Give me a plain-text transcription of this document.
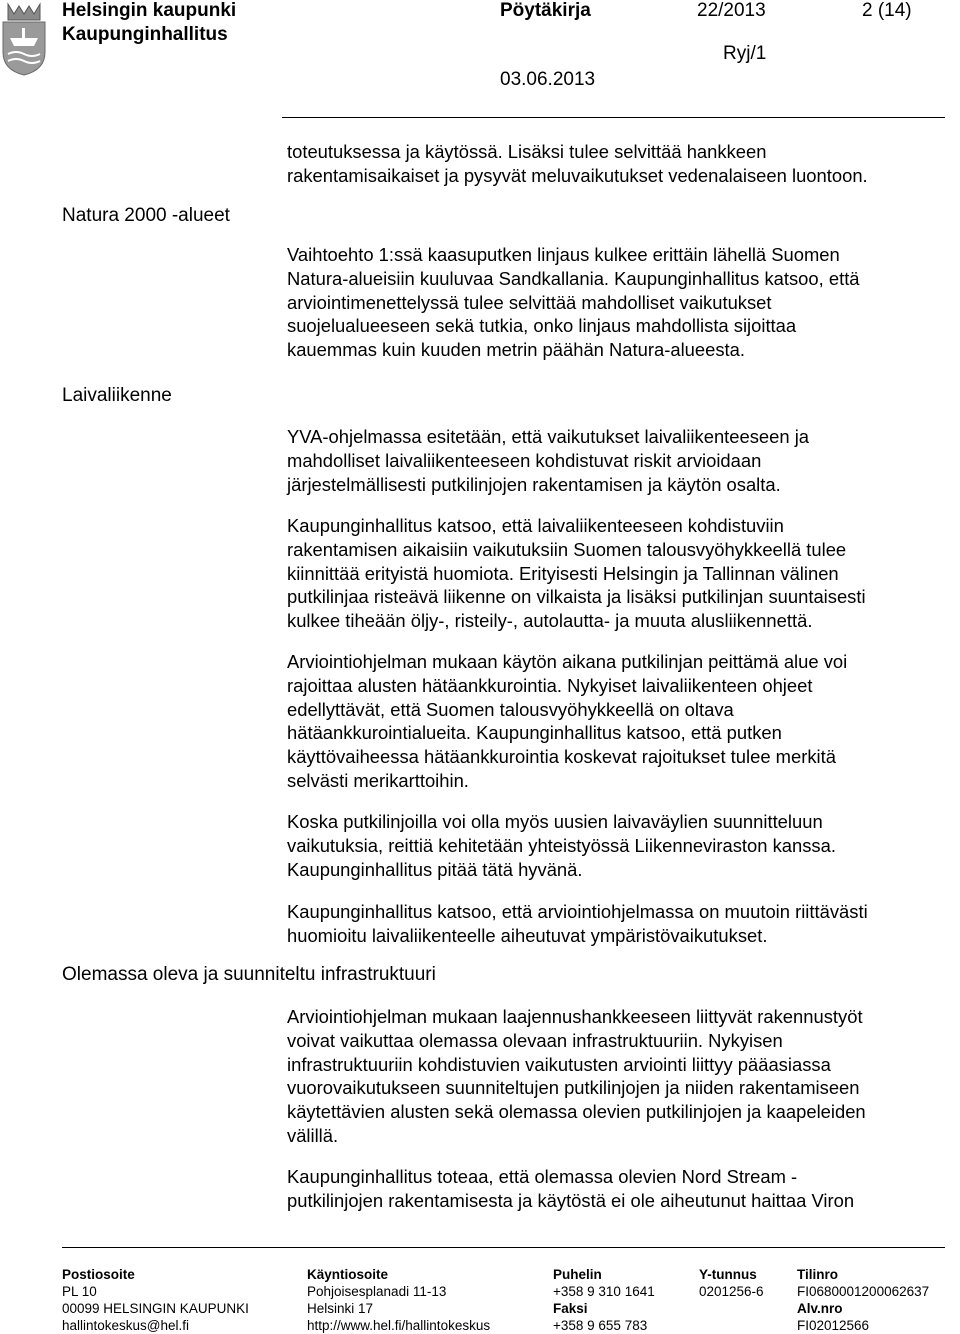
Helsingin kaupunki
Kaupunginhallitus
Pöytäkirja	22/2013	2 (14)
Ryj/1
03.06.2013
Natura 2000 -alueet
Laivaliikenne
Olemassa oleva ja suunniteltu infrastruktuuri
toteutuksessa ja käytössä. Lisäksi tulee selvittää hankkeen
rakentamisaikaiset ja pysyvät meluvaikutukset vedenalaiseen luontoon.
Vaihtoehto 1:ssä kaasuputken linjaus kulkee erittäin lähellä Suomen
Natura-alueisiin kuuluvaa Sandkallania. Kaupunginhallitus katsoo, että
arviointimenettelyssä tulee selvittää mahdolliset vaikutukset
suojelualueeseen sekä tutkia, onko linjaus mahdollista sijoittaa
kauemmas kuin kuuden metrin päähän Natura-alueesta.
YVA-ohjelmassa esitetään, että vaikutukset laivaliikenteeseen ja
mahdolliset laivaliikenteeseen kohdistuvat riskit arvioidaan
järjestelmällisesti putkilinjojen rakentamisen ja käytön osalta.
Kaupunginhallitus katsoo, että laivaliikenteeseen kohdistuviin
rakentamisen aikaisiin vaikutuksiin Suomen talousvyöhykkeellä tulee
kiinnittää erityistä huomiota. Erityisesti Helsingin ja Tallinnan välinen
putkilinjaa risteävä liikenne on vilkaista ja lisäksi putkilinjan suuntaisesti
kulkee tiheään öljy-, risteily-, autolautta- ja muuta alusliikennettä.
Arviointiohjelman mukaan käytön aikana putkilinjan peittämä alue voi
rajoittaa alusten hätäankkurointia. Nykyiset laivaliikenteen ohjeet
edellyttävät, että Suomen talousvyöhykkeellä on oltava
hätäankkurointialueita. Kaupunginhallitus katsoo, että putken
käyttövaiheessa hätäankkurointia koskevat rajoitukset tulee merkitä
selvästi merikarttoihin.
Koska putkilinjoilla voi olla myös uusien laivaväylien suunnitteluun
vaikutuksia, reittiä kehitetään yhteistyössä Liikenneviraston kanssa.
Kaupunginhallitus pitää tätä hyvänä.
Kaupunginhallitus katsoo, että arviointiohjelmassa on muutoin riittävästi
huomioitu laivaliikenteelle aiheutuvat ympäristövaikutukset.
Arviointiohjelman mukaan laajennushankkeeseen liittyvät rakennustyöt
voivat vaikuttaa olemassa olevaan infrastruktuuriin. Nykyisen
infrastruktuuriin kohdistuvien vaikutusten arviointi liittyy pääasiassa
vuorovaikutukseen suunniteltujen putkilinjojen ja niiden rakentamiseen
käytettävien alusten sekä olemassa olevien putkilinjojen ja kaapeleiden
välillä.
Kaupunginhallitus toteaa, että olemassa olevien Nord Stream -
putkilinjojen rakentamisesta ja käytöstä ei ole aiheutunut haittaa Viron
Postiosoite
PL 10
00099 HELSINGIN KAUPUNKI
hallintokeskus@hel.fi
Käyntiosoite
Pohjoisesplanadi 11-13
Helsinki 17
http://www.hel.fi/hallintokeskus
Puhelin
+358 9 310 1641
Faksi
+358 9 655 783
Y-tunnus
0201256-6
Tilinro
FI0680001200062637
Alv.nro
FI02012566
